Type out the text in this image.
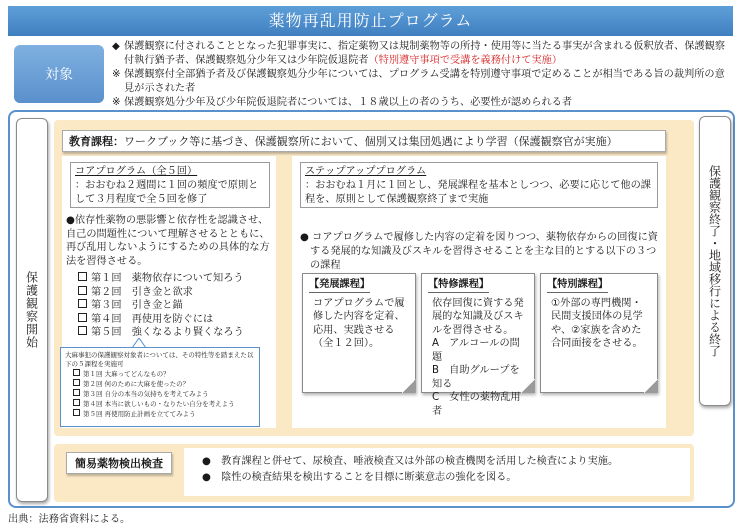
薬物再乱用防止プログラム
対象
◆ 保護観察に付されることとなった犯罪事実に、指定薬物又は規制薬物等の所持・使用等に当たる事実が含まれる仮釈放者、保護観察付執行猶予者、保護観察処分少年又は少年院仮退院者（特別遵守事項で受講を義務付けて実施）
※ 保護観察付全部猶予者及び保護観察処分少年については、プログラム受講を特別遵守事項で定めることが相当である旨の裁判所の意見が示された者
※ 保護観察処分少年及び少年院仮退院者については、１８歳以上の者のうち、必要性が認められる者
保護観察開始	保護観察終了・地域移行による終了
教育課程：ワークブック等に基づき、保護観察所において、個別又は集団処遇により学習（保護観察官が実施）
コアプログラム（全５回）
：おおむね２週間に１回の頻度で原則として３月程度で全５回を修了
●依存性薬物の悪影響と依存性を認識させ、自己の問題性について理解させるとともに、再び乱用しないようにするための具体的な方法を習得させる。
第１回　 薬物依存について知ろう
第２回　 引き金と欲求
第３回　 引き金と錨
第４回　 再使用を防ぐには
第５回　 強くなるより賢くなろう
大麻事犯の保護観察対象者については、その特性等を踏まえた以下の５課程を実施可
第１回 大麻ってどんなもの？
第２回 何のために大麻を使ったの？
第３回 自分の本当の気持ちを考えてみよう
第４回 本当に欲しいもの・なりたい自分を考えよう
第５回 再使用防止計画を立ててみよう
ステップアッププログラム
：おおむね１月に１回とし、発展課程を基本としつつ、必要に応じて他の課程を、原則として保護観察終了まで実施
● コアプログラムで履修した内容の定着を図りつつ、薬物依存からの回復に資する発展的な知識及びスキルを習得させることを主な目的とする以下の３つの課程
【発展課程】
コアプログラムで履修した内容を定着、応用、実践させる（全１２回）。
【特修課程】
依存回復に資する発展的な知識及びスキルを習得させる。
A　アルコールの問題
B　自助グループを知る
C　女性の薬物乱用者
【特別課程】
①外部の専門機関・民間支援団体の見学や、②家族を含めた合同面接をさせる。
簡易薬物検出検査	●　教育課程と併せて、尿検査、唾液検査又は外部の検査機関を活用した検査により実施。
●　陰性の検査結果を検出することを目標に断薬意志の強化を図る。
出典：法務省資料による。
